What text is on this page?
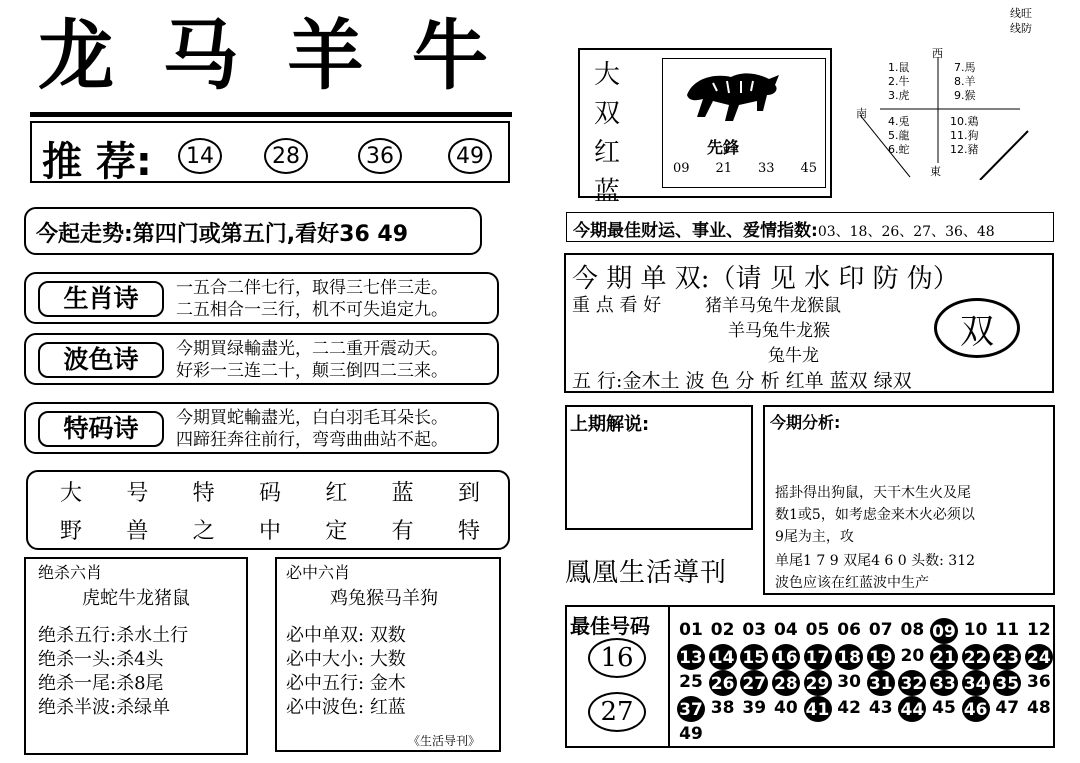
龙 马 羊 牛
推 荐:	14	28	36	49
今起走势:第四门或第五门,看好36 49
生肖诗	一五合二伴七行，取得三七伴三走。
二五相合一三行，机不可失追定九。
波色诗	今期買绿輸盡光，二二重开震动天。
好彩一三连二十，颠三倒四二三来。
特码诗	今期買蛇輸盡光，白白羽毛耳朵长。
四蹄狂奔往前行，弯弯曲曲站不起。
大 号 特 码 红 蓝 到
野 兽 之 中 定 有 特
绝杀六肖
虎蛇牛龙猪鼠
绝杀五行:杀水土行
绝杀一头:杀4头
绝杀一尾:杀8尾
绝杀半波:杀绿单
必中六肖
鸡兔猴马羊狗
必中单双: 双数
必中大小: 大数
必中五行: 金木
必中波色: 红蓝
《生活导刊》
大
双
红
蓝
先鋒
09 21 33 45
线旺
线防
西
南
東
1.鼠
2.牛
3.虎
4.兎
5.龍
6.蛇
7.馬
8.羊
9.猴
10.鶏
11.狗
12.豬
今期最佳财运、事业、爱情指数:03、18、26、27、36、48
今 期 单 双:（请 见 水 印 防 伪）
重 点 看 好	猪羊马兔牛龙猴鼠
羊马兔牛龙猴
兔牛龙
双
五 行:金木土 波 色 分 析 红单 蓝双 绿双
上期解说:
鳳凰生活導刊
今期分析:
摇卦得出狗鼠，天干木生火及尾
数1或5，如考虑金来木火必须以
9尾为主，攻
单尾1 7 9 双尾4 6 0 头数: 312
波色应该在红蓝波中生产
最佳号码
16
27
01 02 03 04 05 06 07 08 09 10 11 12
13 14 15 16 17 18 19 20 21 22 23 24
25 26 27 28 29 30 31 32 33 34 35 36
37 38 39 40 41 42 43 44 45 46 47 48
49
